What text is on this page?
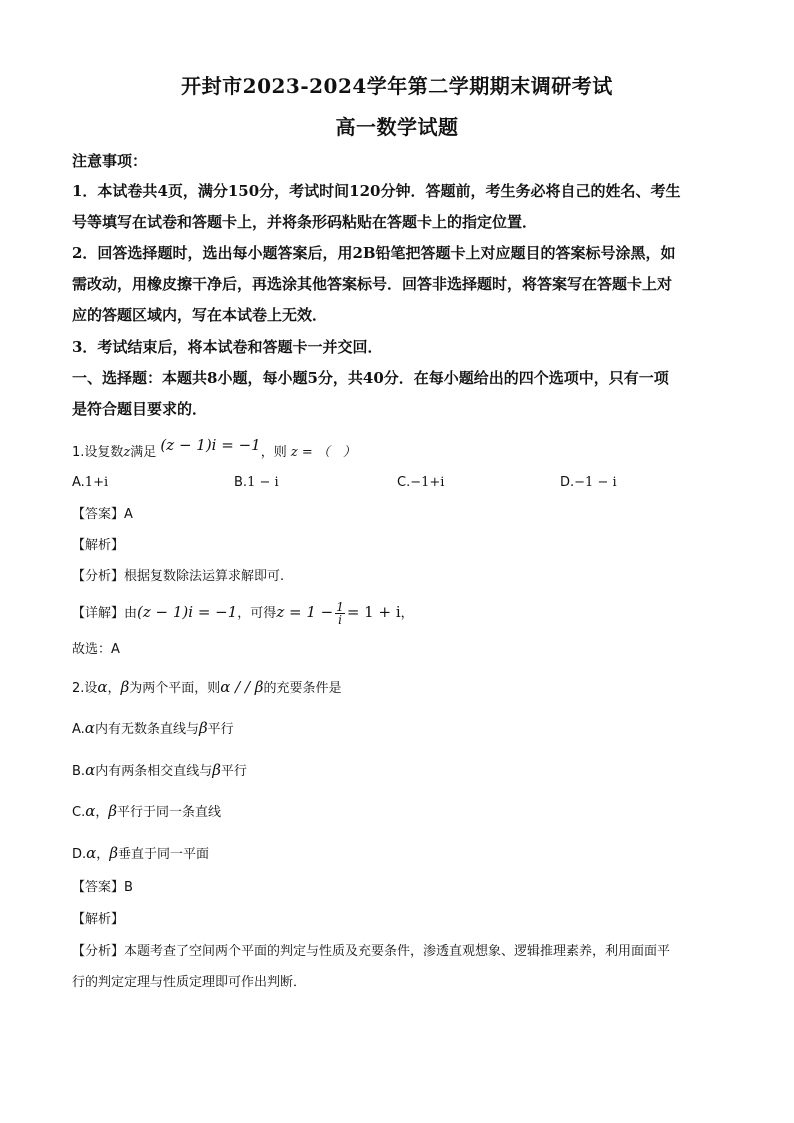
开封市2023-2024学年第二学期期末调研考试
高一数学试题
注意事项：
1．本试卷共4页，满分150分，考试时间120分钟．答题前，考生务必将自己的姓名、考生
号等填写在试卷和答题卡上，并将条形码粘贴在答题卡上的指定位置．
2．回答选择题时，选出每小题答案后，用2B铅笔把答题卡上对应题目的答案标号涂黑，如
需改动，用橡皮擦干净后，再选涂其他答案标号．回答非选择题时，将答案写在答题卡上对
应的答题区域内，写在本试卷上无效．
3．考试结束后，将本试卷和答题卡一并交回．
一、选择题：本题共8小题，每小题5分，共40分．在每小题给出的四个选项中，只有一项
是符合题目要求的．
1.设复数z满足 (z − 1)i = −1，则 z = （　）
A.1+i	B.1 − i	C.−1+i	D.−1 − i
【答案】A
【解析】
【分析】根据复数除法运算求解即可.
【详解】由(z − 1)i = −1，可得$z = 1 - \frac{1}{i} = 1 + i$，
故选：A
2.设α，β为两个平面，则α / / β的充要条件是
A.α内有无数条直线与β平行
B.α内有两条相交直线与β平行
C.α，β平行于同一条直线
D.α，β垂直于同一平面
【答案】B
【解析】
【分析】本题考查了空间两个平面的判定与性质及充要条件，渗透直观想象、逻辑推理素养，利用面面平
行的判定定理与性质定理即可作出判断．
